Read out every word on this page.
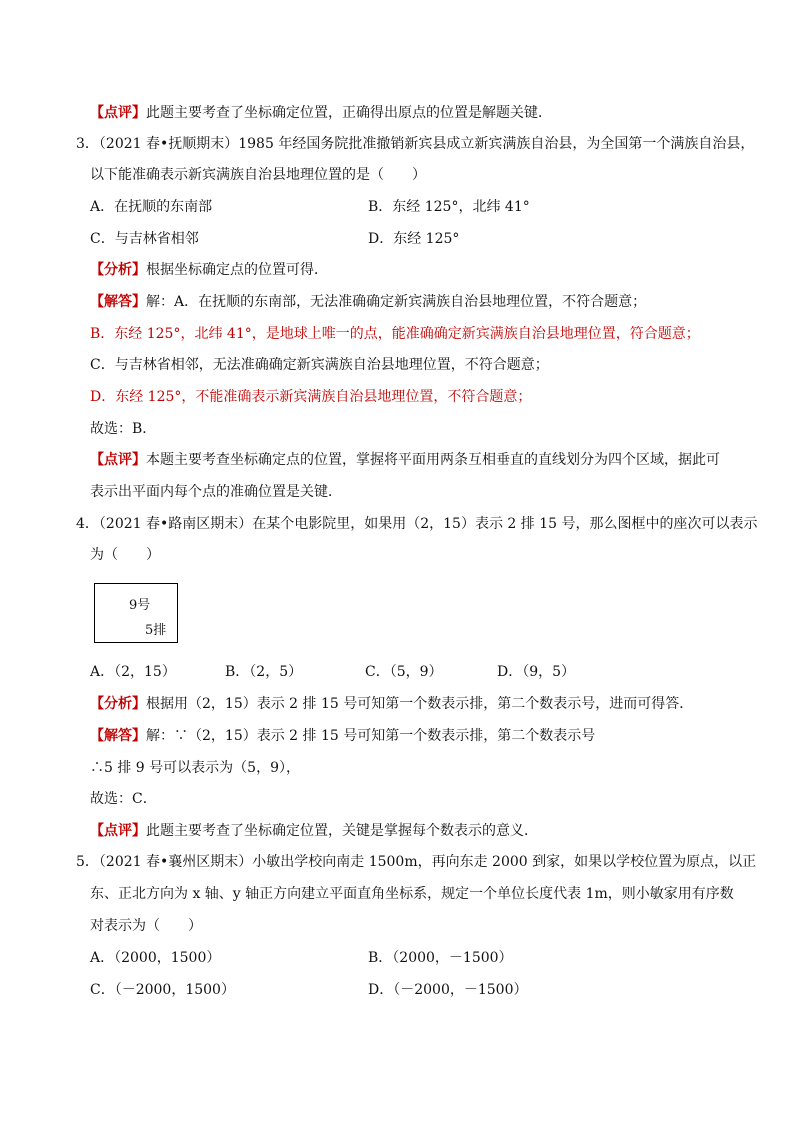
【点评】此题主要考查了坐标确定位置，正确得出原点的位置是解题关键．
3．（2021 春•抚顺期末）1985 年经国务院批准撤销新宾县成立新宾满族自治县，为全国第一个满族自治县，
以下能准确表示新宾满族自治县地理位置的是（　　）
A．在抚顺的东南部	B．东经 125°，北纬 41°
C．与吉林省相邻	D．东经 125°
【分析】根据坐标确定点的位置可得．
【解答】解：A．在抚顺的东南部，无法准确确定新宾满族自治县地理位置，不符合题意；
B．东经 125°，北纬 41°，是地球上唯一的点，能准确确定新宾满族自治县地理位置，符合题意；
C．与吉林省相邻，无法准确确定新宾满族自治县地理位置，不符合题意；
D．东经 125°，不能准确表示新宾满族自治县地理位置，不符合题意；
故选：B．
【点评】本题主要考查坐标确定点的位置，掌握将平面用两条互相垂直的直线划分为四个区域，据此可
表示出平面内每个点的准确位置是关键．
4．（2021 春•路南区期末）在某个电影院里，如果用（2，15）表示 2 排 15 号，那么图框中的座次可以表示
为（　　）
9号
5排
A．（2，15）	B．（2，5）	C．（5，9）	D．（9，5）
【分析】根据用（2，15）表示 2 排 15 号可知第一个数表示排，第二个数表示号，进而可得答．
【解答】解：∵（2，15）表示 2 排 15 号可知第一个数表示排，第二个数表示号
∴5 排 9 号可以表示为（5，9），
故选：C．
【点评】此题主要考查了坐标确定位置，关键是掌握每个数表示的意义．
5．（2021 春•襄州区期末）小敏出学校向南走 1500m，再向东走 2000 到家，如果以学校位置为原点，以正
东、正北方向为 x 轴、y 轴正方向建立平面直角坐标系，规定一个单位长度代表 1m，则小敏家用有序数
对表示为（　　）
A．（2000，1500）	B．（2000，－1500）
C．（－2000，1500）	D．（－2000，－1500）
